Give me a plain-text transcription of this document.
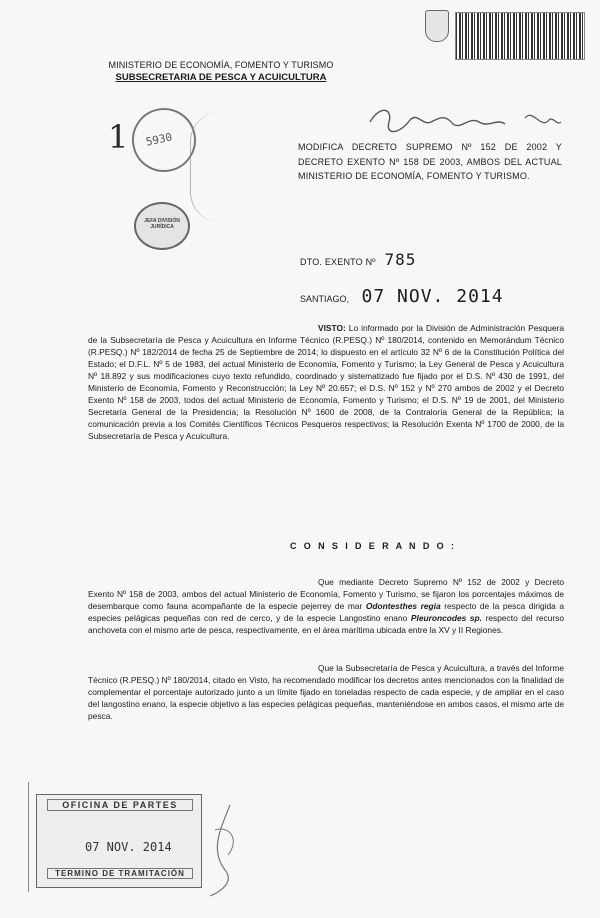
MINISTERIO DE ECONOMÍA, FOMENTO Y TURISMO
SUBSECRETARIA DE PESCA Y ACUICULTURA
1 5930
JEFA DIVISIÓN JURÍDICA
MODIFICA DECRETO SUPREMO Nº 152 DE 2002 Y DECRETO EXENTO Nº 158 DE 2003, AMBOS DEL ACTUAL MINISTERIO DE ECONOMÍA, FOMENTO Y TURISMO.
DTO. EXENTO Nº 785
SANTIAGO, 07 NOV. 2014
VISTO: Lo informado por la División de Administración Pesquera de la Subsecretaría de Pesca y Acuicultura en Informe Técnico (R.PESQ.) Nº 180/2014, contenido en Memorándum Técnico (R.PESQ.) Nº 182/2014 de fecha 25 de Septiembre de 2014; lo dispuesto en el artículo 32 Nº 6 de la Constitución Política del Estado; el D.F.L. Nº 5 de 1983, del actual Ministerio de Economía, Fomento y Turismo; la Ley General de Pesca y Acuicultura Nº 18.892 y sus modificaciones cuyo texto refundido, coordinado y sistematizado fue fijado por el D.S. Nº 430 de 1991, del Ministerio de Economía, Fomento y Reconstrucción; la Ley Nº 20.657; el D.S. Nº 152 y Nº 270 ambos de 2002 y el Decreto Exento Nº 158 de 2003, todos del actual Ministerio de Economía, Fomento y Turismo; el D.S. Nº 19 de 2001, del Ministerio Secretaría General de la Presidencia; la Resolución Nº 1600 de 2008, de la Contraloría General de la República; la comunicación previa a los Comités Científicos Técnicos Pesqueros respectivos; la Resolución Exenta Nº 1700 de 2000, de la Subsecretaría de Pesca y Acuicultura.
C O N S I D E R A N D O :
Que mediante Decreto Supremo Nº 152 de 2002 y Decreto Exento Nº 158 de 2003, ambos del actual Ministerio de Economía, Fomento y Turismo, se fijaron los porcentajes máximos de desembarque como fauna acompañante de la especie pejerrey de mar Odontesthes regia respecto de la pesca dirigida a especies pelágicas pequeñas con red de cerco, y de la especie Langostino enano Pleuroncodes sp. respecto del recurso anchoveta con el mismo arte de pesca, respectivamente, en el área marítima ubicada entre la XV y II Regiones.
Que la Subsecretaría de Pesca y Acuicultura, a través del Informe Técnico (R.PESQ.) Nº 180/2014, citado en Visto, ha recomendado modificar los decretos antes mencionados con la finalidad de complementar el porcentaje autorizado junto a un límite fijado en toneladas respecto de cada especie, y de ampliar en el caso del langostino enano, la especie objetivo a las especies pelágicas pequeñas, manteniéndose en ambos casos, el mismo arte de pesca.
OFICINA DE PARTES
07 NOV. 2014
TERMINO DE TRAMITACIÓN
